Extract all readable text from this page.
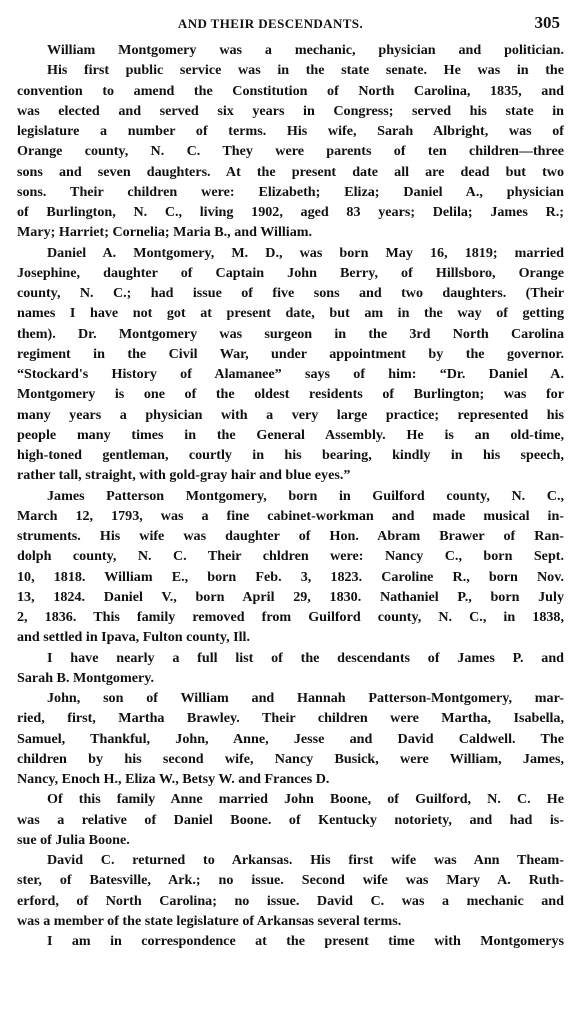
AND THEIR DESCENDANTS.	305
William Montgomery was a mechanic, physician and politician.
His first public service was in the state senate. He was in the
convention to amend the Constitution of North Carolina, 1835, and
was elected and served six years in Congress; served his state in
legislature a number of terms. His wife, Sarah Albright, was of
Orange county, N. C. They were parents of ten children—three
sons and seven daughters. At the present date all are dead but two
sons. Their children were: Elizabeth; Eliza; Daniel A., physician
of Burlington, N. C., living 1902, aged 83 years; Delila; James R.;
Mary; Harriet; Cornelia; Maria B., and William.
Daniel A. Montgomery, M. D., was born May 16, 1819; married
Josephine, daughter of Captain John Berry, of Hillsboro, Orange
county, N. C.; had issue of five sons and two daughters. (Their
names I have not got at present date, but am in the way of getting
them). Dr. Montgomery was surgeon in the 3rd North Carolina
regiment in the Civil War, under appointment by the governor.
“Stockard's History of Alamanee” says of him: “Dr. Daniel A.
Montgomery is one of the oldest residents of Burlington; was for
many years a physician with a very large practice; represented his
people many times in the General Assembly. He is an old-time,
high-toned gentleman, courtly in his bearing, kindly in his speech,
rather tall, straight, with gold-gray hair and blue eyes.”
James Patterson Montgomery, born in Guilford county, N. C.,
March 12, 1793, was a fine cabinet-workman and made musical in-
struments. His wife was daughter of Hon. Abram Brawer of Ran-
dolph county, N. C. Their chldren were: Nancy C., born Sept.
10, 1818. William E., born Feb. 3, 1823. Caroline R., born Nov.
13, 1824. Daniel V., born April 29, 1830. Nathaniel P., born July
2, 1836. This family removed from Guilford county, N. C., in 1838,
and settled in Ipava, Fulton county, Ill.
I have nearly a full list of the descendants of James P. and
Sarah B. Montgomery.
John, son of William and Hannah Patterson-Montgomery, mar-
ried, first, Martha Brawley. Their children were Martha, Isabella,
Samuel, Thankful, John, Anne, Jesse and David Caldwell. The
children by his second wife, Nancy Busick, were William, James,
Nancy, Enoch H., Eliza W., Betsy W. and Frances D.
Of this family Anne married John Boone, of Guilford, N. C. He
was a relative of Daniel Boone. of Kentucky notoriety, and had is-
sue of Julia Boone.
David C. returned to Arkansas. His first wife was Ann Theam-
ster, of Batesville, Ark.; no issue. Second wife was Mary A. Ruth-
erford, of North Carolina; no issue. David C. was a mechanic and
was a member of the state legislature of Arkansas several terms.
I am in correspondence at the present time with Montgomerys
